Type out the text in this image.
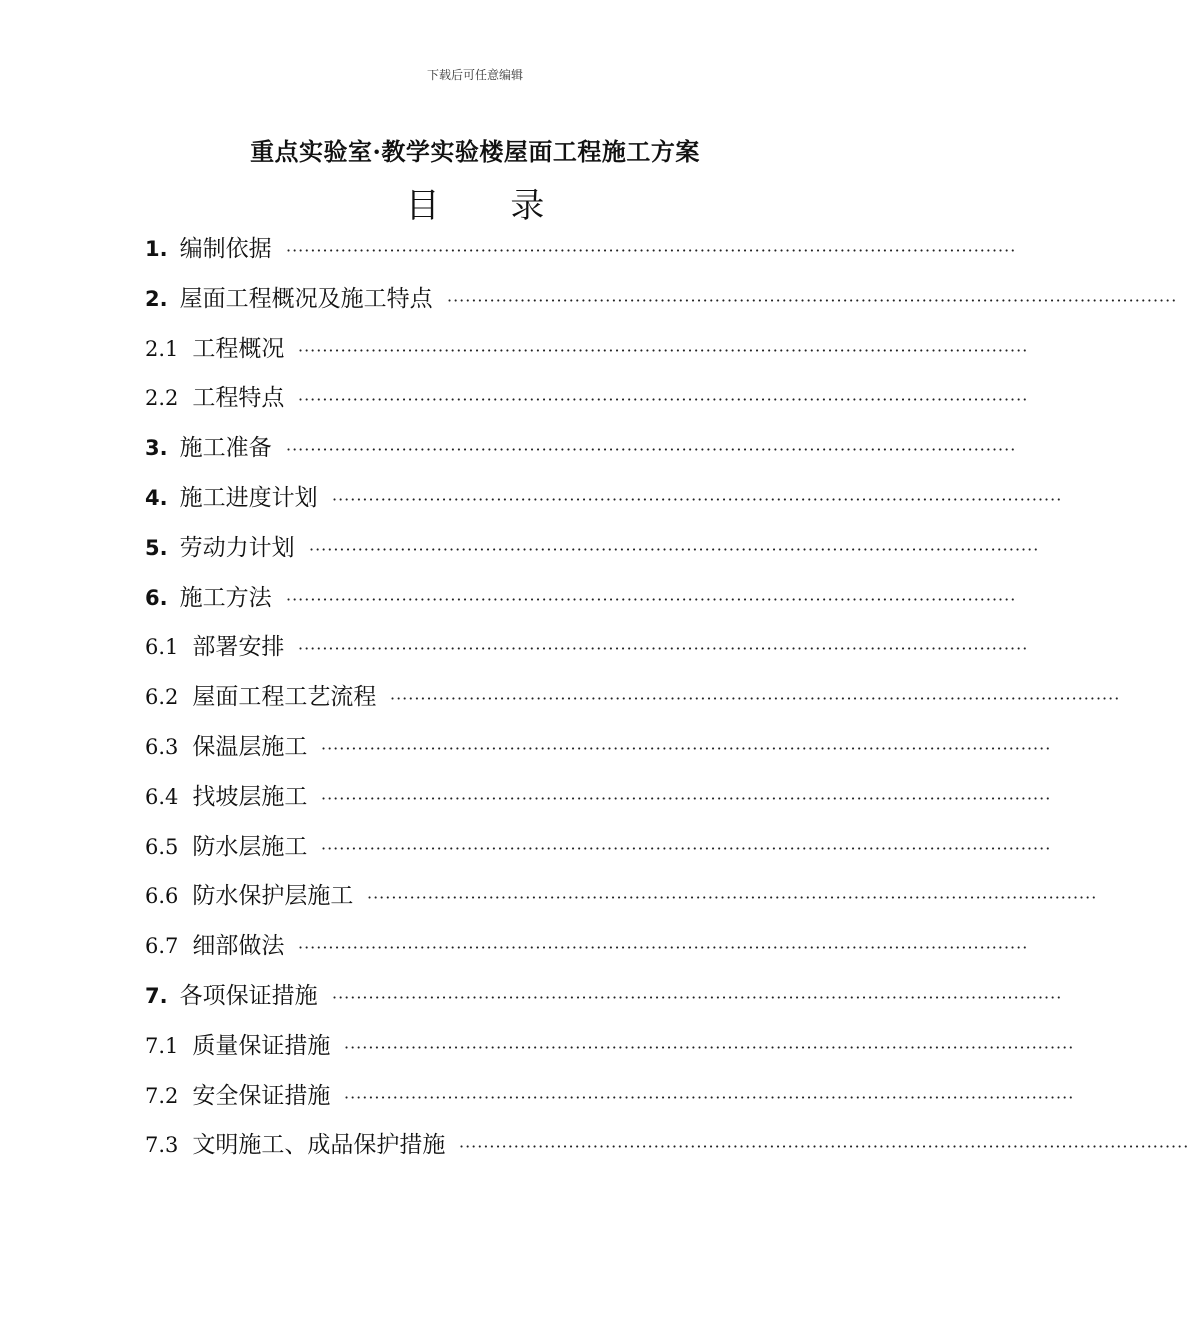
下载后可任意编辑
重点实验室·教学实验楼屋面工程施工方案
目 录
1. 编制依据 ························································································································
2. 屋面工程概况及施工特点 ························································································································
2.1 工程概况 ························································································································
2.2 工程特点 ························································································································
3. 施工准备 ························································································································
4. 施工进度计划 ························································································································
5. 劳动力计划 ························································································································
6. 施工方法 ························································································································
6.1 部署安排 ························································································································
6.2 屋面工程工艺流程 ························································································································
6.3 保温层施工 ························································································································
6.4 找坡层施工 ························································································································
6.5 防水层施工 ························································································································
6.6 防水保护层施工 ························································································································
6.7 细部做法 ························································································································
7. 各项保证措施 ························································································································
7.1 质量保证措施 ························································································································
7.2 安全保证措施 ························································································································
7.3 文明施工、成品保护措施 ························································································································
